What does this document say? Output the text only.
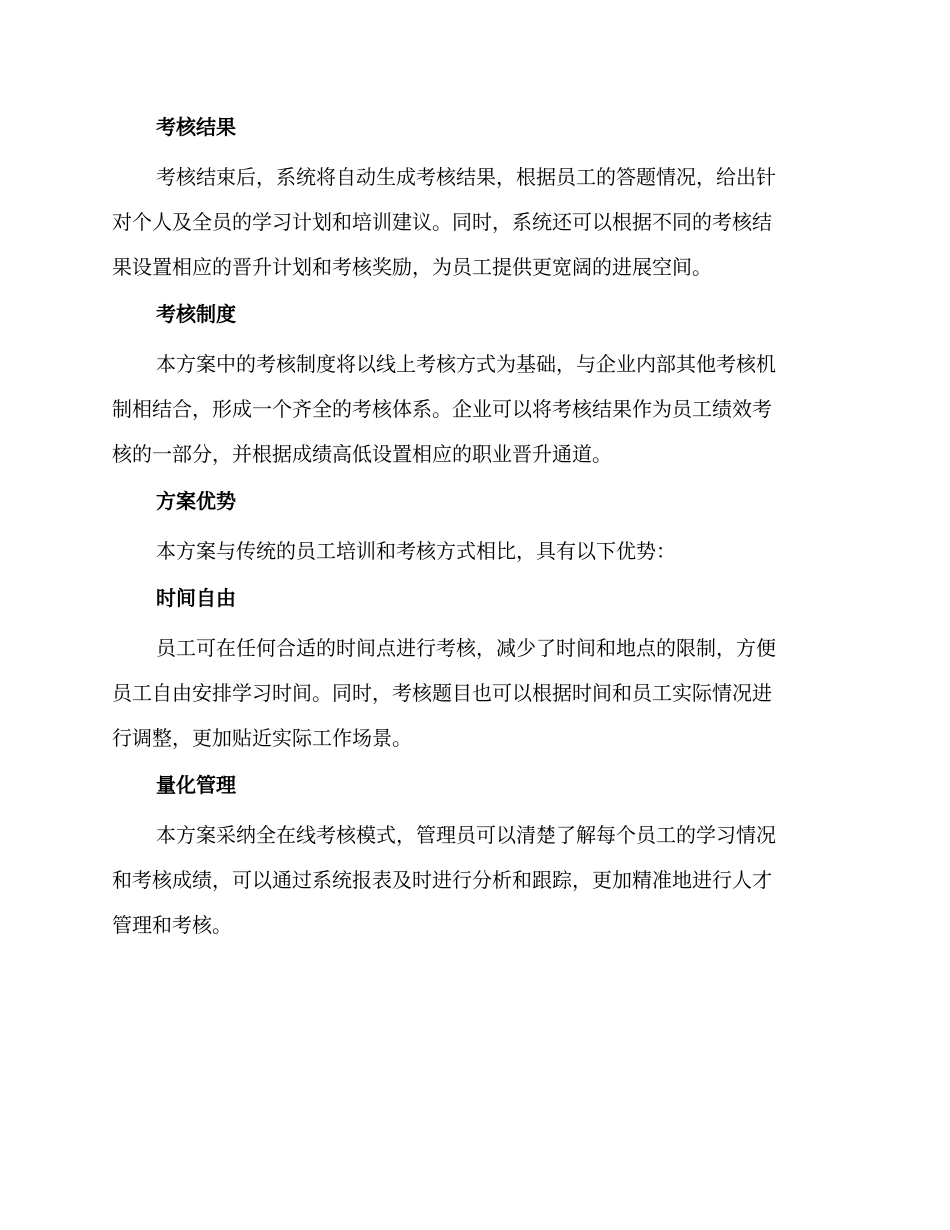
考核结果
考核结束后，系统将自动生成考核结果，根据员工的答题情况，给出针
对个人及全员的学习计划和培训建议。同时，系统还可以根据不同的考核结
果设置相应的晋升计划和考核奖励，为员工提供更宽阔的进展空间。
考核制度
本方案中的考核制度将以线上考核方式为基础，与企业内部其他考核机
制相结合，形成一个齐全的考核体系。企业可以将考核结果作为员工绩效考
核的一部分，并根据成绩高低设置相应的职业晋升通道。
方案优势
本方案与传统的员工培训和考核方式相比，具有以下优势：
时间自由
员工可在任何合适的时间点进行考核，减少了时间和地点的限制，方便
员工自由安排学习时间。同时，考核题目也可以根据时间和员工实际情况进
行调整，更加贴近实际工作场景。
量化管理
本方案采纳全在线考核模式，管理员可以清楚了解每个员工的学习情况
和考核成绩，可以通过系统报表及时进行分析和跟踪，更加精准地进行人才
管理和考核。
